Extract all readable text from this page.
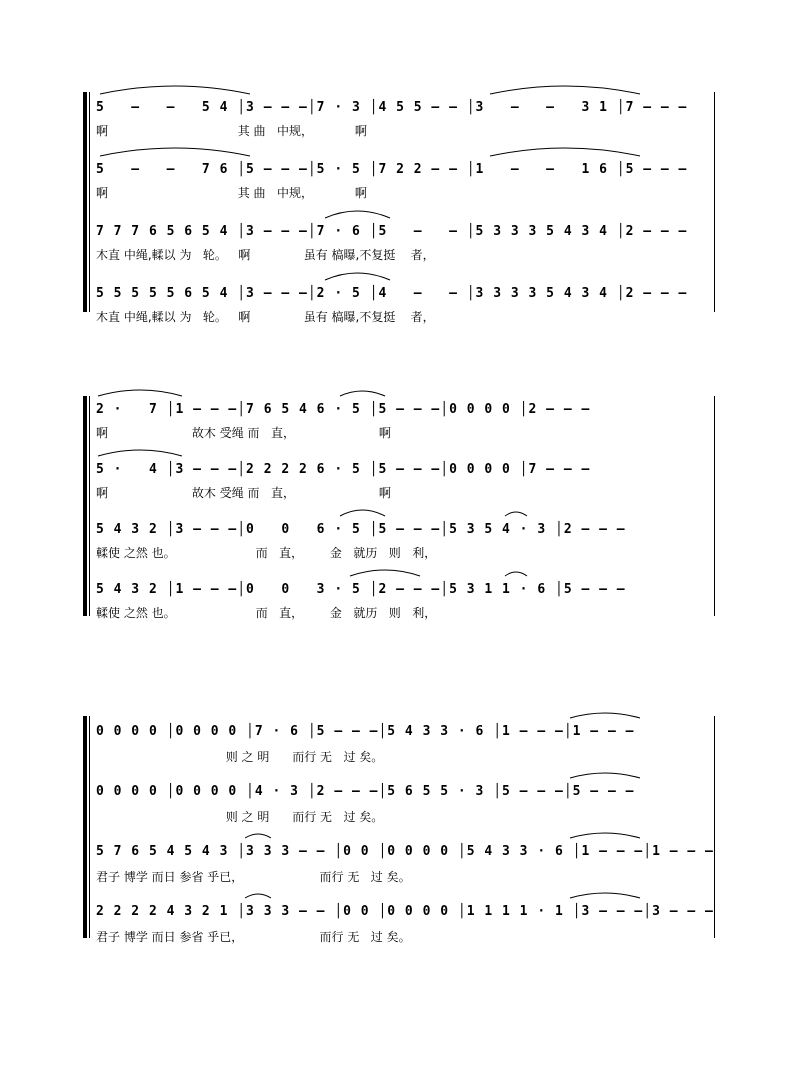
5   –   –   5 4 │3 – – –│7 · 3 │4 5 5 – – │3   –   –   3 1 │7 – – –
啊                                  其 曲   中规，           啊
5   –   –   7 6 │5 – – –│5 · 5 │7 2 2 – – │1   –   –   1 6 │5 – – –
啊                                  其 曲   中规，           啊
7 7 7 6 5 6 5 4 │3 – – –│7 · 6 │5   –   – │5 3 3 3 5 4 3 4 │2 – – –
木直 中绳,輮以 为   轮。   啊              虽有 槁曝,不复挺    者，
5 5 5 5 5 6 5 4 │3 – – –│2 · 5 │4   –   – │3 3 3 3 5 4 3 4 │2 – – –
木直 中绳,輮以 为   轮。   啊              虽有 槁曝,不复挺    者，
2 ·   7 │1 – – –│7 6 5 4 6 · 5 │5 – – –│0 0 0 0 │2 – – –
啊                      故木 受绳 而   直，                      啊
5 ·   4 │3 – – –│2 2 2 2 6 · 5 │5 – – –│0 0 0 0 │7 – – –
啊                      故木 受绳 而   直，                      啊
5 4 3 2 │3 – – –│0   0   6 · 5 │5 – – –│5 3 5 4 · 3 │2 – – –
輮使 之然 也。                     而   直，       金   就历   则   利，
5 4 3 2 │1 – – –│0   0   3 · 5 │2 – – –│5 3 1 1 · 6 │5 – – –
輮使 之然 也。                     而   直，       金   就历   则   利，
0 0 0 0 │0 0 0 0 │7 · 6 │5 – – –│5 4 3 3 · 6 │1 – – –│1 – – –
则 之 明      而行 无   过 矣。
0 0 0 0 │0 0 0 0 │4 · 3 │2 – – –│5 6 5 5 · 3 │5 – – –│5 – – –
则 之 明      而行 无   过 矣。
5 7 6 5 4 5 4 3 │3 3 3 – – │0 0 │0 0 0 0 │5 4 3 3 · 6 │1 – – –│1 – – –
君子 博学 而日 参省 乎已，                    而行 无   过 矣。
2 2 2 2 4 3 2 1 │3 3 3 – – │0 0 │0 0 0 0 │1 1 1 1 · 1 │3 – – –│3 – – –
君子 博学 而日 参省 乎已，                    而行 无   过 矣。
